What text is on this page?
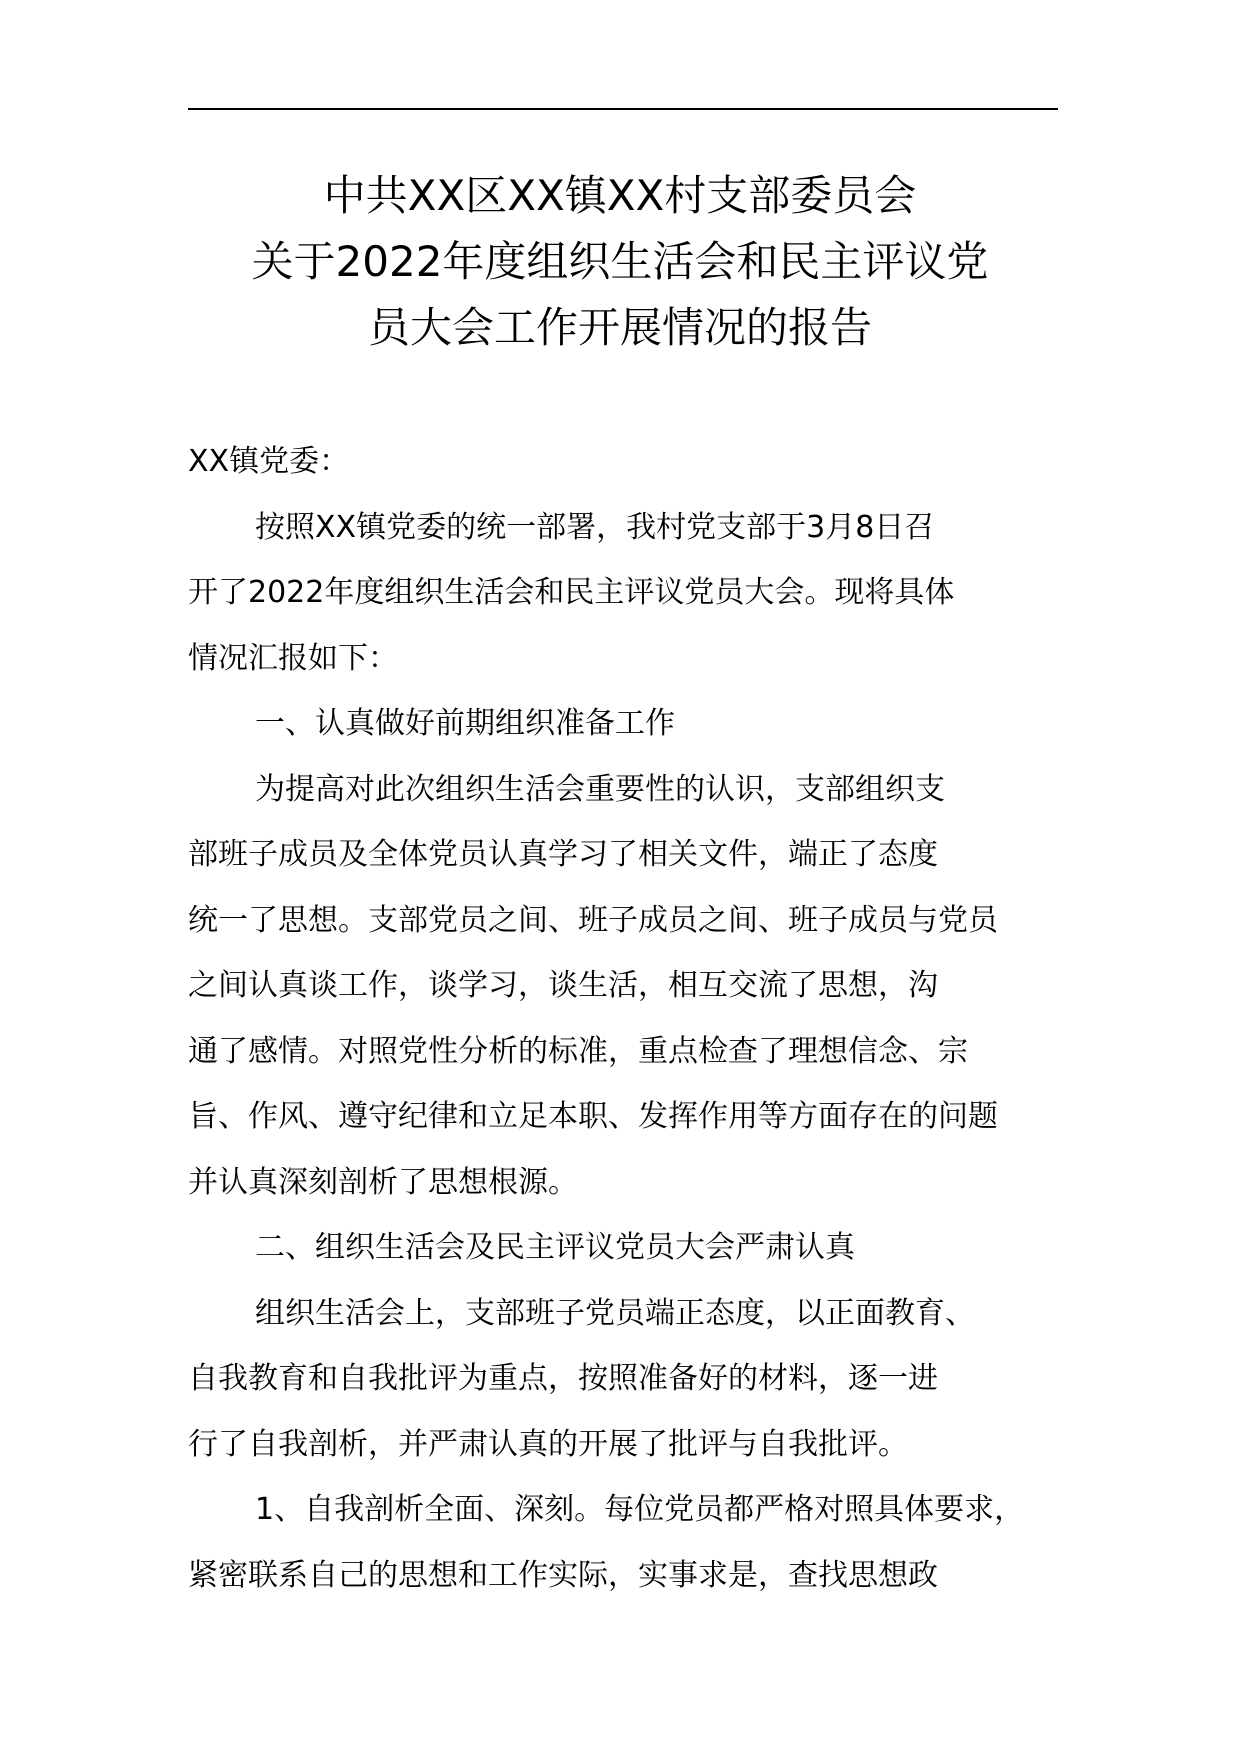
中共XX区XX镇XX村支部委员会
关于2022年度组织生活会和民主评议党
员大会工作开展情况的报告
XX镇党委：
按照XX镇党委的统一部署，我村党支部于3月8日召
开了2022年度组织生活会和民主评议党员大会。现将具体
情况汇报如下：
一、认真做好前期组织准备工作
为提高对此次组织生活会重要性的认识，支部组织支
部班子成员及全体党员认真学习了相关文件，端正了态度
统一了思想。支部党员之间、班子成员之间、班子成员与党员
之间认真谈工作，谈学习，谈生活，相互交流了思想，沟
通了感情。对照党性分析的标准，重点检查了理想信念、宗
旨、作风、遵守纪律和立足本职、发挥作用等方面存在的问题
并认真深刻剖析了思想根源。
二、组织生活会及民主评议党员大会严肃认真
组织生活会上，支部班子党员端正态度，以正面教育、
自我教育和自我批评为重点，按照准备好的材料，逐一进
行了自我剖析，并严肃认真的开展了批评与自我批评。
1、自我剖析全面、深刻。每位党员都严格对照具体要求，
紧密联系自己的思想和工作实际，实事求是，查找思想政
